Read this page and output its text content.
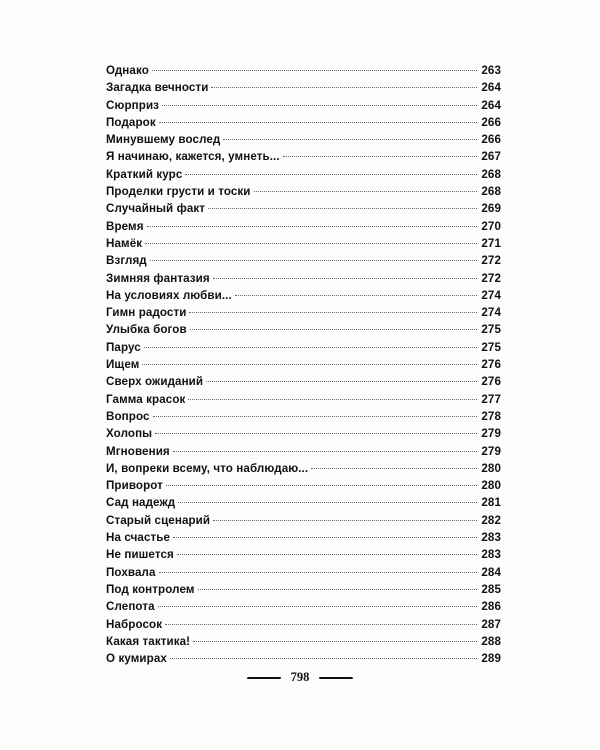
Однако	263
Загадка вечности	264
Сюрприз	264
Подарок	266
Минувшему вослед	266
Я начинаю, кажется, умнеть...	267
Краткий курс	268
Проделки грусти и тоски	268
Случайный факт	269
Время	270
Намёк	271
Взгляд	272
Зимняя фантазия	272
На условиях любви...	274
Гимн радости	274
Улыбка богов	275
Парус	275
Ищем	276
Сверх ожиданий	276
Гамма красок	277
Вопрос	278
Холопы	279
Мгновения	279
И, вопреки всему, что наблюдаю...	280
Приворот	280
Сад надежд	281
Старый сценарий	282
На счастье	283
Не пишется	283
Похвала	284
Под контролем	285
Слепота	286
Набросок	287
Какая тактика!	288
О кумирах	289
798
